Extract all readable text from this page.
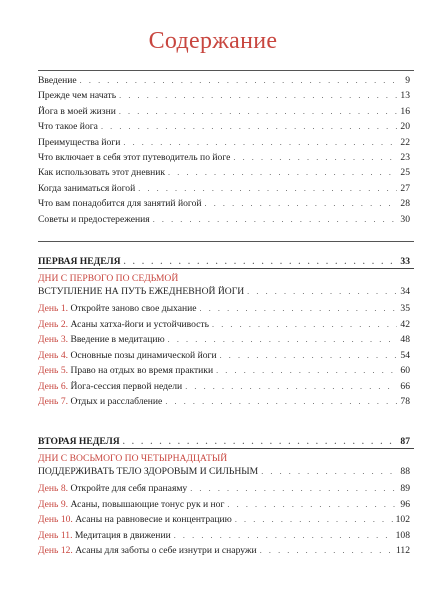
Содержание
Введение . . .	9
Прежде чем начать . . .	13
Йога в моей жизни . . .	16
Что такое йога . . .	20
Преимущества йоги . . .	22
Что включает в себя этот путеводитель по йоге . . .	23
Как использовать этот дневник . . .	25
Когда заниматься йогой . . .	27
Что вам понадобится для занятий йогой . . .	28
Советы и предостережения . . .	30
ПЕРВАЯ НЕДЕЛЯ . . .	33
ДНИ С ПЕРВОГО ПО СЕДЬМОЙ
ВСТУПЛЕНИЕ НА ПУТЬ ЕЖЕДНЕВНОЙ ЙОГИ . . .	34
День 1. Откройте заново свое дыхание . . .	35
День 2. Асаны хатха-йоги и устойчивость . . .	42
День 3. Введение в медитацию . . .	48
День 4. Основные позы динамической йоги . . .	54
День 5. Право на отдых во время практики . . .	60
День 6. Йога-сессия первой недели . . .	66
День 7. Отдых и расслабление . . .	78
ВТОРАЯ НЕДЕЛЯ . . .	87
ДНИ С ВОСЬМОГО ПО ЧЕТЫРНАДЦАТЫЙ
ПОДДЕРЖИВАТЬ ТЕЛО ЗДОРОВЫМ И СИЛЬНЫМ . . .	88
День 8. Откройте для себя пранаяму . . .	89
День 9. Асаны, повышающие тонус рук и ног . . .	96
День 10. Асаны на равновесие и концентрацию . . .	102
День 11. Медитация в движении . . .	108
День 12. Асаны для заботы о себе изнутри и снаружи . . .	112
